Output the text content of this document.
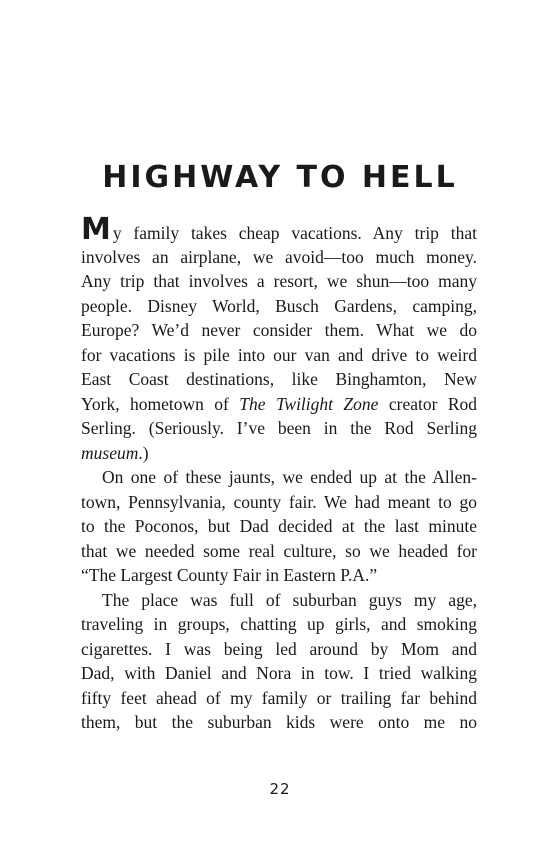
HIGHWAY TO HELL
My family takes cheap vacations. Any trip that
involves an airplane, we avoid—too much money.
Any trip that involves a resort, we shun—too many
people. Disney World, Busch Gardens, camping,
Europe? We’d never consider them. What we do
for vacations is pile into our van and drive to weird
East Coast destinations, like Binghamton, New
York, hometown of The Twilight Zone creator Rod
Serling. (Seriously. I’ve been in the Rod Serling
museum.)
On one of these jaunts, we ended up at the Allen-
town, Pennsylvania, county fair. We had meant to go
to the Poconos, but Dad decided at the last minute
that we needed some real culture, so we headed for
“The Largest County Fair in Eastern P.A.”
The place was full of suburban guys my age,
traveling in groups, chatting up girls, and smoking
cigarettes. I was being led around by Mom and
Dad, with Daniel and Nora in tow. I tried walking
fifty feet ahead of my family or trailing far behind
them, but the suburban kids were onto me no
22
